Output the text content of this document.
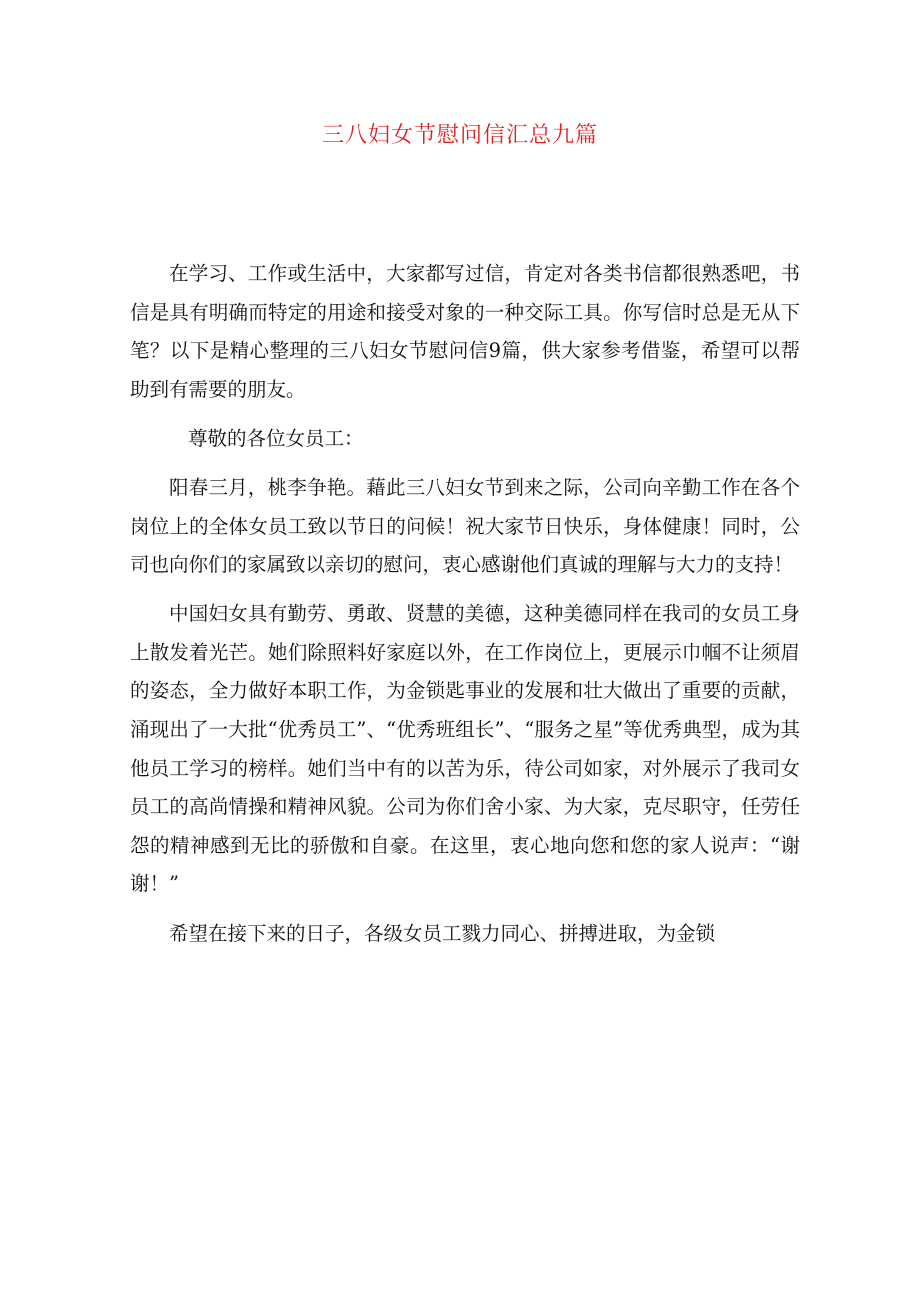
三八妇女节慰问信汇总九篇

在学习、工作或生活中，大家都写过信，肯定对各类书信都很熟悉吧，书信是具有明确而特定的用途和接受对象的一种交际工具。你写信时总是无从下笔？以下是精心整理的三八妇女节慰问信9篇，供大家参考借鉴，希望可以帮助到有需要的朋友。

尊敬的各位女员工：

阳春三月，桃李争艳。藉此三八妇女节到来之际，公司向辛勤工作在各个岗位上的全体女员工致以节日的问候！祝大家节日快乐，身体健康！同时，公司也向你们的家属致以亲切的慰问，衷心感谢他们真诚的理解与大力的支持！

中国妇女具有勤劳、勇敢、贤慧的美德，这种美德同样在我司的女员工身上散发着光芒。她们除照料好家庭以外，在工作岗位上，更展示巾帼不让须眉的姿态，全力做好本职工作，为金锁匙事业的发展和壮大做出了重要的贡献，涌现出了一大批“优秀员工”、“优秀班组长”、“服务之星”等优秀典型，成为其他员工学习的榜样。她们当中有的以苦为乐，待公司如家，对外展示了我司女员工的高尚情操和精神风貌。公司为你们舍小家、为大家，克尽职守，任劳任怨的精神感到无比的骄傲和自豪。在这里，衷心地向您和您的家人说声：“谢谢！”

希望在接下来的日子，各级女员工戮力同心、拼搏进取，为金锁
